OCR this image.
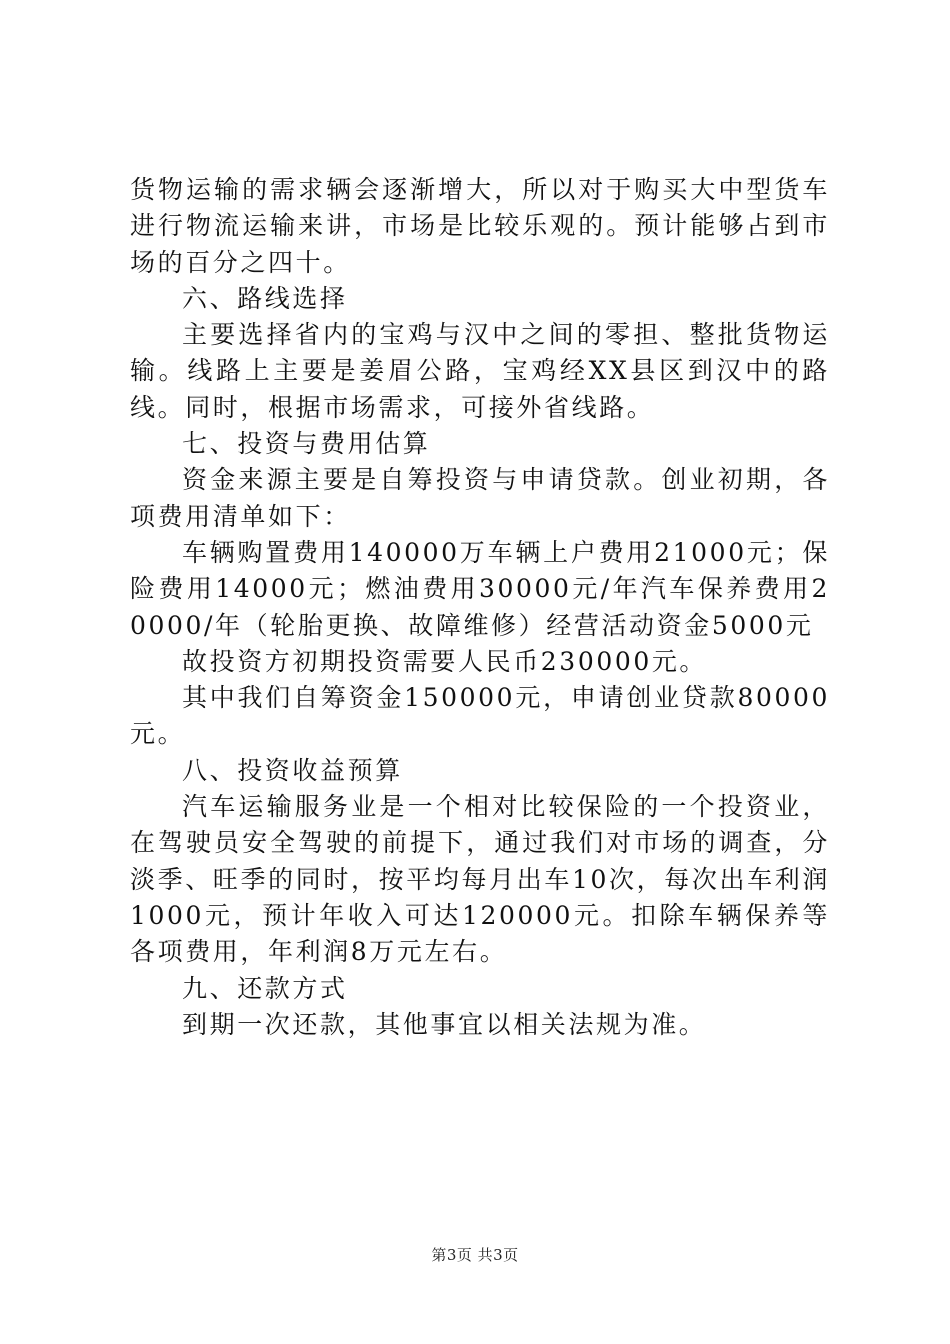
货物运输的需求辆会逐渐增大，所以对于购买大中型货车进行物流运输来讲，市场是比较乐观的。预计能够占到市场的百分之四十。

六、路线选择

主要选择省内的宝鸡与汉中之间的零担、整批货物运输。线路上主要是姜眉公路，宝鸡经XX县区到汉中的路线。同时，根据市场需求，可接外省线路。

七、投资与费用估算

资金来源主要是自筹投资与申请贷款。创业初期，各项费用清单如下：

车辆购置费用140000万车辆上户费用21000元；保险费用14000元；燃油费用30000元/年汽车保养费用20000/年（轮胎更换、故障维修）经营活动资金5000元

故投资方初期投资需要人民币230000元。

其中我们自筹资金150000元，申请创业贷款80000元。

八、投资收益预算

汽车运输服务业是一个相对比较保险的一个投资业，在驾驶员安全驾驶的前提下，通过我们对市场的调查，分淡季、旺季的同时，按平均每月出车10次，每次出车利润1000元，预计年收入可达120000元。扣除车辆保养等各项费用，年利润8万元左右。

九、还款方式

到期一次还款，其他事宜以相关法规为准。

第3页 共3页
